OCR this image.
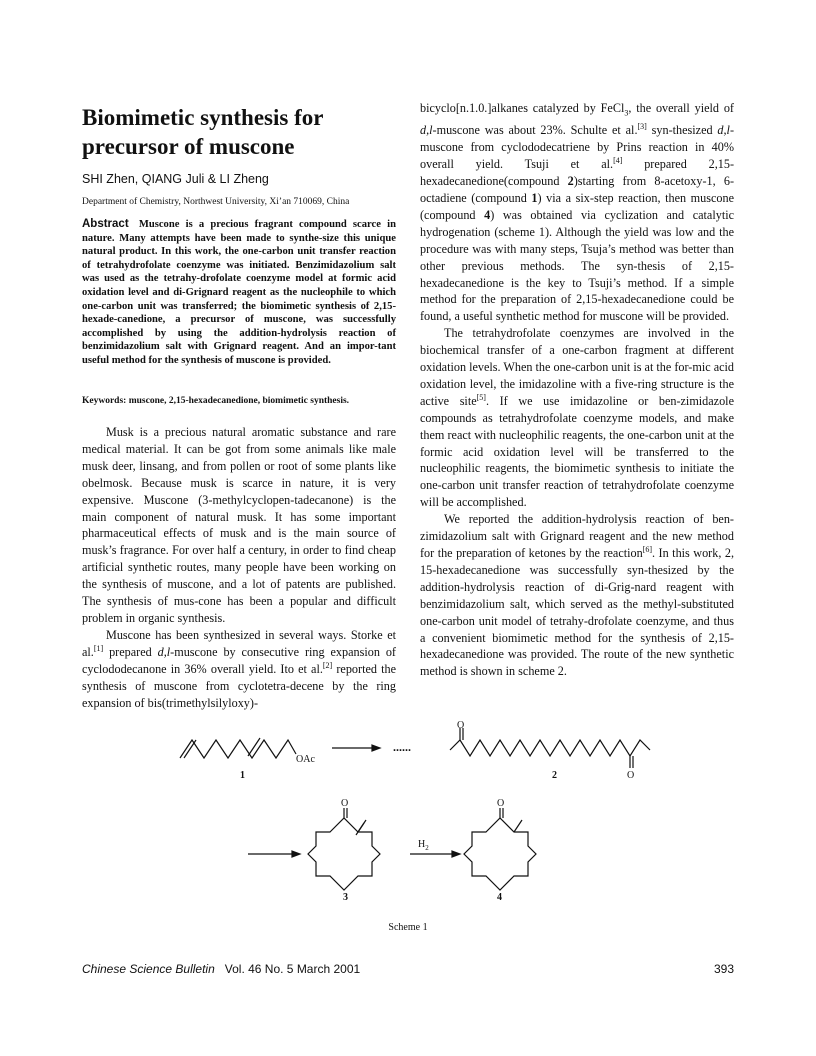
Biomimetic synthesis for precursor of muscone
SHI Zhen, QIANG Juli & LI Zheng
Department of Chemistry, Northwest University, Xi’an 710069, China
Abstract Muscone is a precious fragrant compound scarce in nature. Many attempts have been made to synthe-size this unique natural product. In this work, the one-carbon unit transfer reaction of tetrahydrofolate coenzyme was initiated. Benzimidazolium salt was used as the tetrahy-drofolate coenzyme model at formic acid oxidation level and di-Grignard reagent as the nucleophile to which one-carbon unit was transferred; the biomimetic synthesis of 2,15-hexade-canedione, a precursor of muscone, was successfully accomplished by using the addition-hydrolysis reaction of benzimidazolium salt with Grignard reagent. And an impor-tant useful method for the synthesis of muscone is provided.
Keywords: muscone, 2,15-hexadecanedione, biomimetic synthesis.

Musk is a precious natural aromatic substance and rare medical material. It can be got from some animals like male musk deer, linsang, and from pollen or root of some plants like obelmosk. Because musk is scarce in nature, it is very expensive. Muscone (3-methylcyclopen-tadecanone) is the main component of natural musk. It has some important pharmaceutical effects of musk and is the main source of musk’s fragrance. For over half a century, in order to find cheap artificial synthetic routes, many people have been working on the synthesis of muscone, and a lot of patents are published. The synthesis of mus-cone has been a popular and difficult problem in organic synthesis.

Muscone has been synthesized in several ways. Storke et al.[1] prepared d,l-muscone by consecutive ring expansion of cyclododecanone in 36% overall yield. Ito et al.[2] reported the synthesis of muscone from cyclotetra-decene by the ring expansion of bis(trimethylsilyloxy)-

bicyclo[n.1.0.]alkanes catalyzed by FeCl$_3$, the overall yield of d,l-muscone was about 23%. Schulte et al.[3] syn-thesized d,l-muscone from cyclododecatriene by Prins reaction in 40% overall yield. Tsuji et al.[4] prepared 2,15-hexadecanedione(compound 2)starting from 8-acetoxy-1, 6-octadiene (compound 1) via a six-step reaction, then muscone (compound 4) was obtained via cyclization and catalytic hydrogenation (scheme 1). Although the yield was low and the procedure was with many steps, Tsuja’s method was better than other previous methods. The syn-thesis of 2,15-hexadecanedione is the key to Tsuji’s method. If a simple method for the preparation of 2,15-hexadecanedione could be found, a useful synthetic method for muscone will be provided.

The tetrahydrofolate coenzymes are involved in the biochemical transfer of a one-carbon fragment at different oxidation levels. When the one-carbon unit is at the for-mic acid oxidation level, the imidazoline with a five-ring structure is the active site[5]. If we use imidazoline or ben-zimidazole compounds as tetrahydrofolate coenzyme models, and make them react with nucleophilic reagents, the one-carbon unit at the formic acid oxidation level will be transferred to the nucleophilic reagents, the biomimetic synthesis to initiate the one-carbon unit transfer reaction of tetrahydrofolate coenzyme will be accomplished.

We reported the addition-hydrolysis reaction of ben-zimidazolium salt with Grignard reagent and the new method for the preparation of ketones by the reaction[6]. In this work, 2, 15-hexadecanedione was successfully syn-thesized by the addition-hydrolysis reaction of di-Grig-nard reagent with benzimidazolium salt, which served as the methyl-substituted one-carbon unit model of tetrahy-drofolate coenzyme, and thus a convenient biomimetic method for the synthesis of 2,15-hexadecanedione was provided. The route of the new synthetic method is shown in scheme 2.

OAc
......
O
O
O	O
$H_2$
1	2
3	4
Scheme 1
Chinese Science Bulletin Vol. 46 No. 5 March 2001	393
